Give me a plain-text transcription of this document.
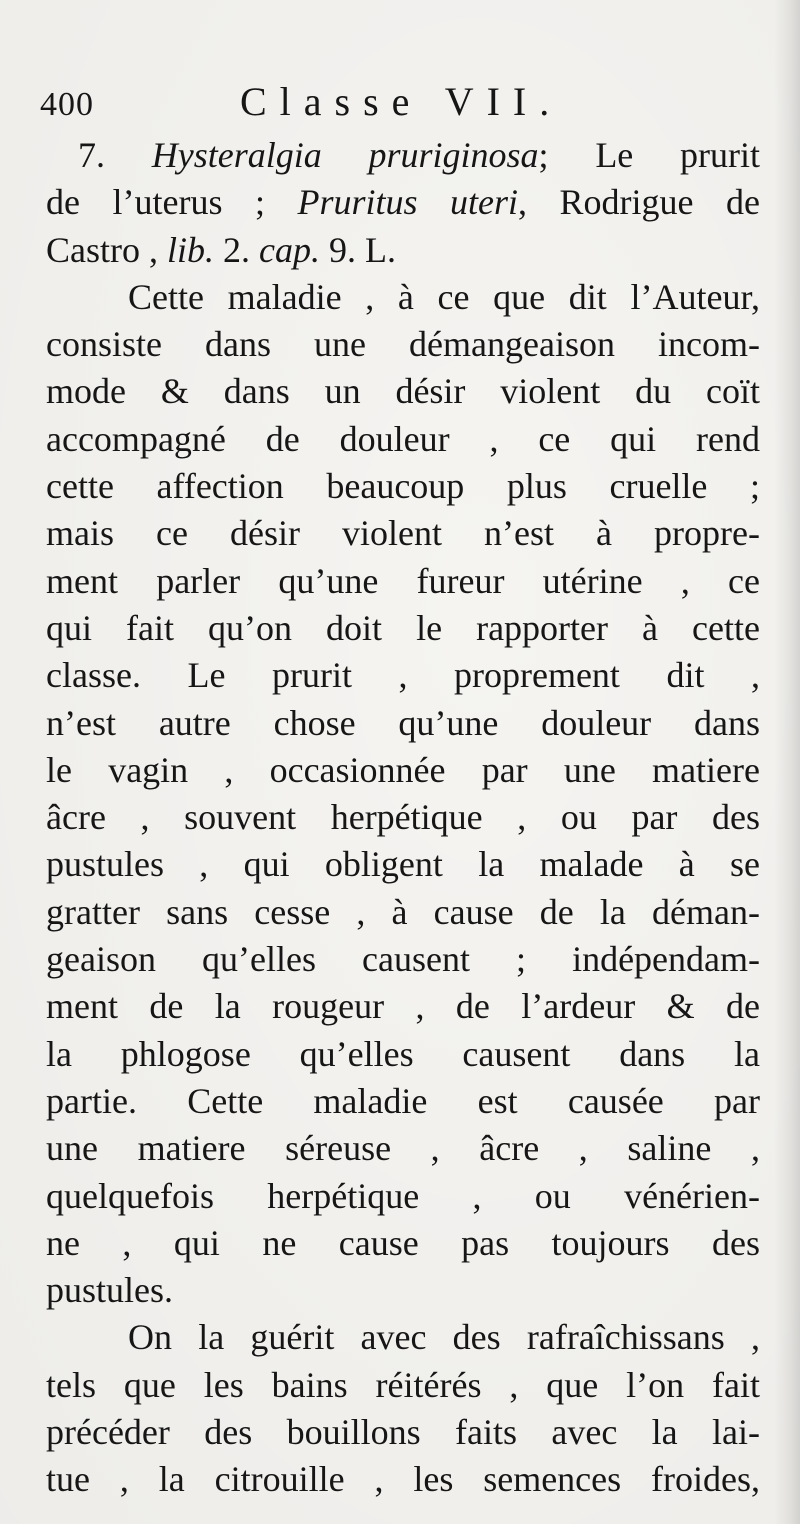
400	Classe VII.
7. Hysteralgia pruriginosa; Le prurit
de l’uterus ; Pruritus uteri, Rodrigue de
Castro , lib. 2. cap. 9. L.
Cette maladie , à ce que dit l’Auteur,
consiste dans une démangeaison incom-
mode & dans un désir violent du coït
accompagné de douleur , ce qui rend
cette affection beaucoup plus cruelle ;
mais ce désir violent n’est à propre-
ment parler qu’une fureur utérine , ce
qui fait qu’on doit le rapporter à cette
classe. Le prurit , proprement dit ,
n’est autre chose qu’une douleur dans
le vagin , occasionnée par une matiere
âcre , souvent herpétique , ou par des
pustules , qui obligent la malade à se
gratter sans cesse , à cause de la déman-
geaison qu’elles causent ; indépendam-
ment de la rougeur , de l’ardeur & de
la phlogose qu’elles causent dans la
partie. Cette maladie est causée par
une matiere séreuse , âcre , saline ,
quelquefois herpétique , ou vénérien-
ne , qui ne cause pas toujours des
pustules.
On la guérit avec des rafraîchissans ,
tels que les bains réitérés , que l’on fait
précéder des bouillons faits avec la lai-
tue , la citrouille , les semences froides,
